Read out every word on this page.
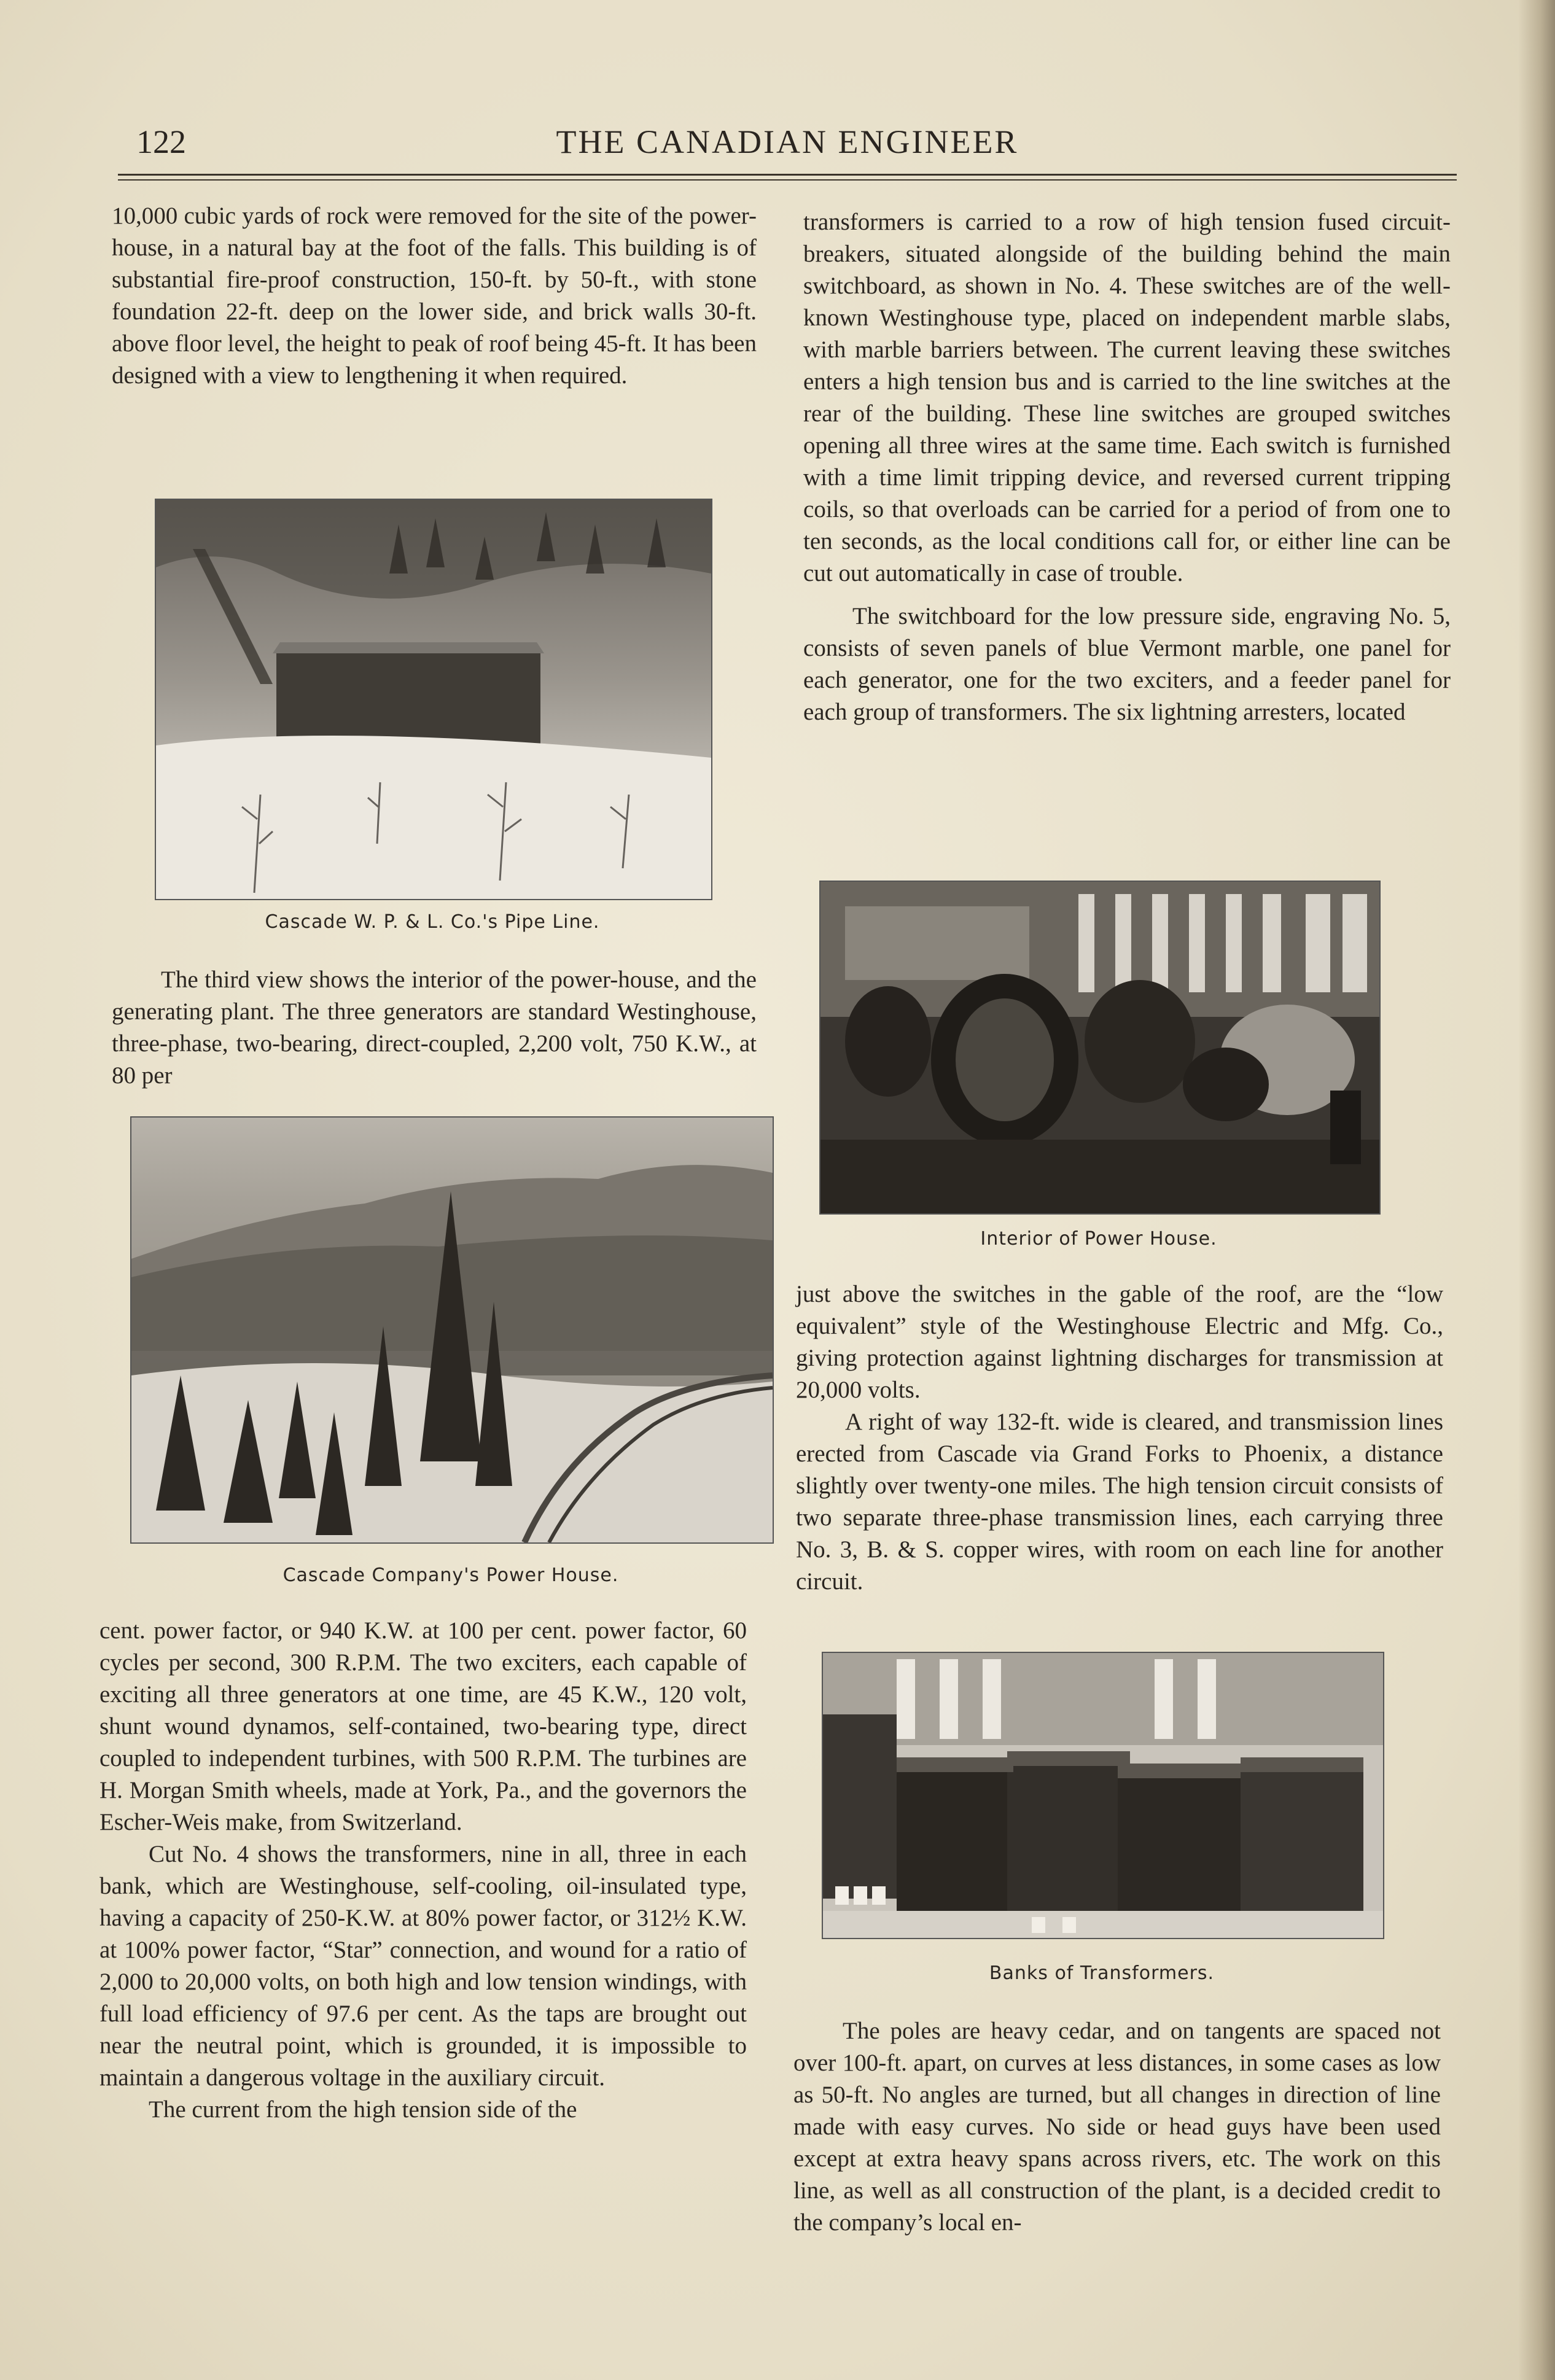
122	THE CANADIAN ENGINEER

10,000 cubic yards of rock were removed for the site of the power-house, in a natural bay at the foot of the falls. This building is of substantial fire-proof construction, 150-ft. by 50-ft., with stone foundation 22-ft. deep on the lower side, and brick walls 30-ft. above floor level, the height to peak of roof being 45-ft. It has been designed with a view to lengthening it when required.

Cascade W. P. & L. Co.'s Pipe Line.

The third view shows the interior of the power-house, and the generating plant. The three generators are standard Westinghouse, three-phase, two-bearing, direct-coupled, 2,200 volt, 750 K.W., at 80 per

Cascade Company's Power House.

cent. power factor, or 940 K.W. at 100 per cent. power factor, 60 cycles per second, 300 R.P.M. The two exciters, each capable of exciting all three generators at one time, are 45 K.W., 120 volt, shunt wound dynamos, self-contained, two-bearing type, direct coupled to independent turbines, with 500 R.P.M. The turbines are H. Morgan Smith wheels, made at York, Pa., and the governors the Escher-Weis make, from Switzerland.

Cut No. 4 shows the transformers, nine in all, three in each bank, which are Westinghouse, self-cooling, oil-insulated type, having a capacity of 250-K.W. at 80% power factor, or 312½ K.W. at 100% power factor, “Star” connection, and wound for a ratio of 2,000 to 20,000 volts, on both high and low tension windings, with full load efficiency of 97.6 per cent. As the taps are brought out near the neutral point, which is grounded, it is impossible to maintain a dangerous voltage in the auxiliary circuit.

The current from the high tension side of the

transformers is carried to a row of high tension fused circuit-breakers, situated alongside of the building behind the main switchboard, as shown in No. 4. These switches are of the well-known Westinghouse type, placed on independent marble slabs, with marble barriers between. The current leaving these switches enters a high tension bus and is carried to the line switches at the rear of the building. These line switches are grouped switches opening all three wires at the same time. Each switch is furnished with a time limit tripping device, and reversed current tripping coils, so that overloads can be carried for a period of from one to ten seconds, as the local conditions call for, or either line can be cut out automatically in case of trouble.

The switchboard for the low pressure side, engraving No. 5, consists of seven panels of blue Vermont marble, one panel for each generator, one for the two exciters, and a feeder panel for each group of transformers. The six lightning arresters, located

Interior of Power House.

just above the switches in the gable of the roof, are the “low equivalent” style of the Westinghouse Electric and Mfg. Co., giving protection against lightning discharges for transmission at 20,000 volts.

A right of way 132-ft. wide is cleared, and transmission lines erected from Cascade via Grand Forks to Phoenix, a distance slightly over twenty-one miles. The high tension circuit consists of two separate three-phase transmission lines, each carrying three No. 3, B. & S. copper wires, with room on each line for another circuit.

Banks of Transformers.

The poles are heavy cedar, and on tangents are spaced not over 100-ft. apart, on curves at less distances, in some cases as low as 50-ft. No angles are turned, but all changes in direction of line made with easy curves. No side or head guys have been used except at extra heavy spans across rivers, etc. The work on this line, as well as all construction of the plant, is a decided credit to the company’s local en-
